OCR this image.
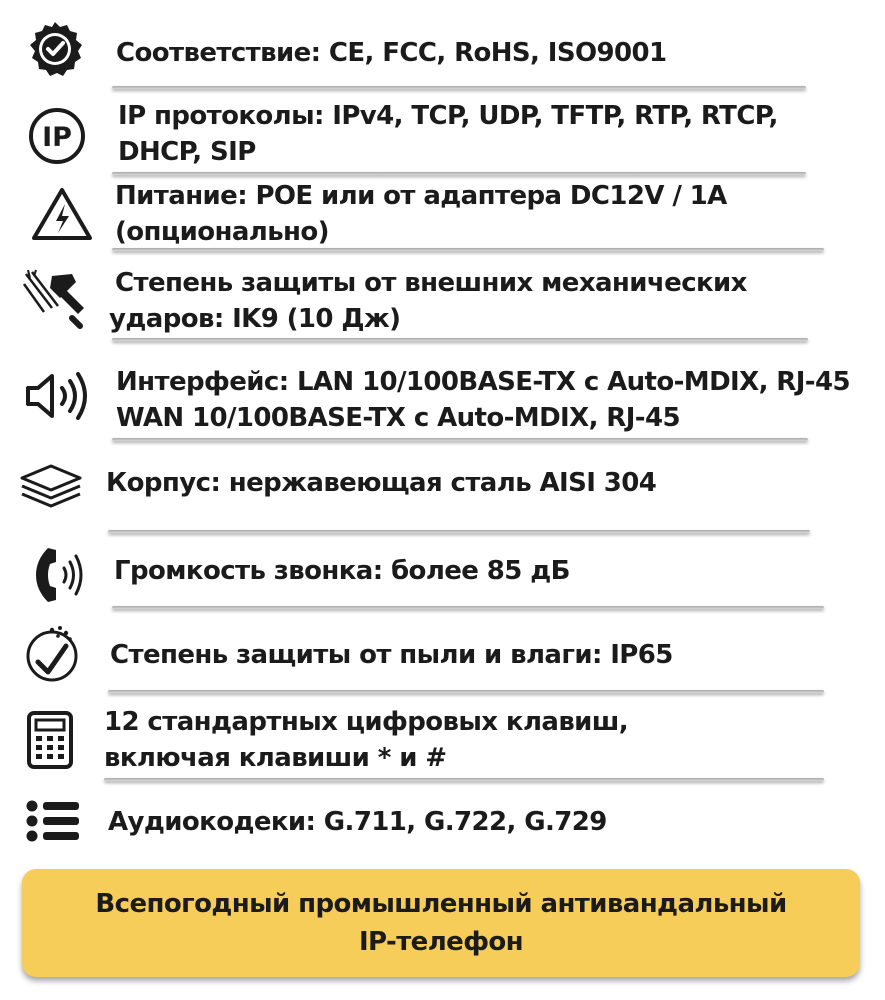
Соответствие: CE, FCC, RoHS, ISO9001
IP
IP протоколы: IPv4, TCP, UDP, TFTP, RTP, RTCP,
DHCP, SIP
Питание: POE или от адаптера DC12V / 1A
(опционально)
Степень защиты от внешних механических
ударов: IK9 (10 Дж)
Интерфейс: LAN 10/100BASE-TX с Auto-MDIX, RJ-45
WAN 10/100BASE-TX с Auto-MDIX, RJ-45
Корпус: нержавеющая сталь AISI 304
Громкость звонка: более 85 дБ
Степень защиты от пыли и влаги: IP65
12 стандартных цифровых клавиш,
включая клавиши * и #
Аудиокодеки: G.711, G.722, G.729
Всепогодный промышленный антивандальный
IP-телефон
